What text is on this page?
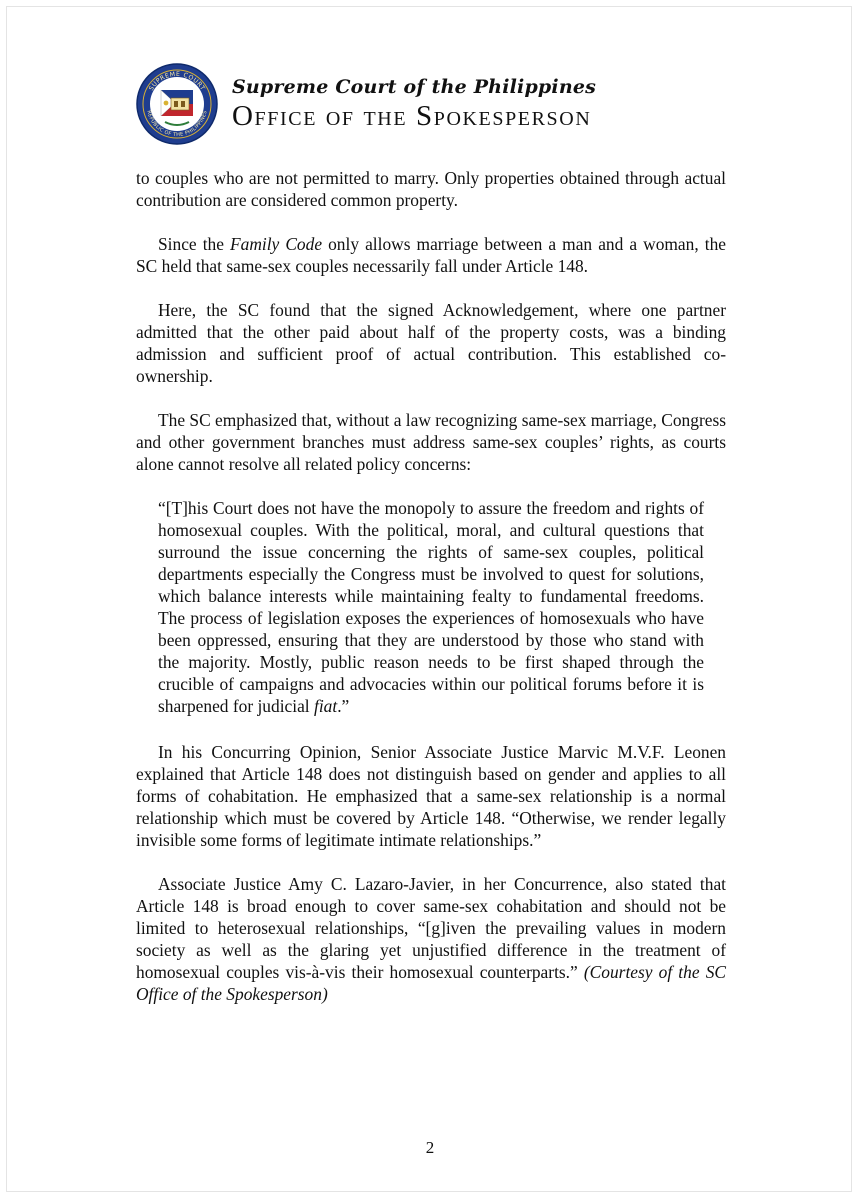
SUPREME COURT
REPUBLIC OF THE PHILIPPINES
Supreme Court of the Philippines
Office of the Spokesperson

to couples who are not permitted to marry. Only properties obtained through actual contribution are considered common property.

Since the Family Code only allows marriage between a man and a woman, the SC held that same-sex couples necessarily fall under Article 148.

Here, the SC found that the signed Acknowledgement, where one partner admitted that the other paid about half of the property costs, was a binding admission and sufficient proof of actual contribution. This established co-ownership.

The SC emphasized that, without a law recognizing same-sex marriage, Congress and other government branches must address same-sex couples’ rights, as courts alone cannot resolve all related policy concerns:

“[T]his Court does not have the monopoly to assure the freedom and rights of homosexual couples. With the political, moral, and cultural questions that surround the issue concerning the rights of same-sex couples, political departments especially the Congress must be involved to quest for solutions, which balance interests while maintaining fealty to fundamental freedoms. The process of legislation exposes the experiences of homosexuals who have been oppressed, ensuring that they are understood by those who stand with the majority. Mostly, public reason needs to be first shaped through the crucible of campaigns and advocacies within our political forums before it is sharpened for judicial fiat.”

In his Concurring Opinion, Senior Associate Justice Marvic M.V.F. Leonen explained that Article 148 does not distinguish based on gender and applies to all forms of cohabitation. He emphasized that a same-sex relationship is a normal relationship which must be covered by Article 148. “Otherwise, we render legally invisible some forms of legitimate intimate relationships.”

Associate Justice Amy C. Lazaro-Javier, in her Concurrence, also stated that Article 148 is broad enough to cover same-sex cohabitation and should not be limited to heterosexual relationships, “[g]iven the prevailing values in modern society as well as the glaring yet unjustified difference in the treatment of homosexual couples vis-à-vis their homosexual counterparts.” (Courtesy of the SC Office of the Spokesperson)

2
